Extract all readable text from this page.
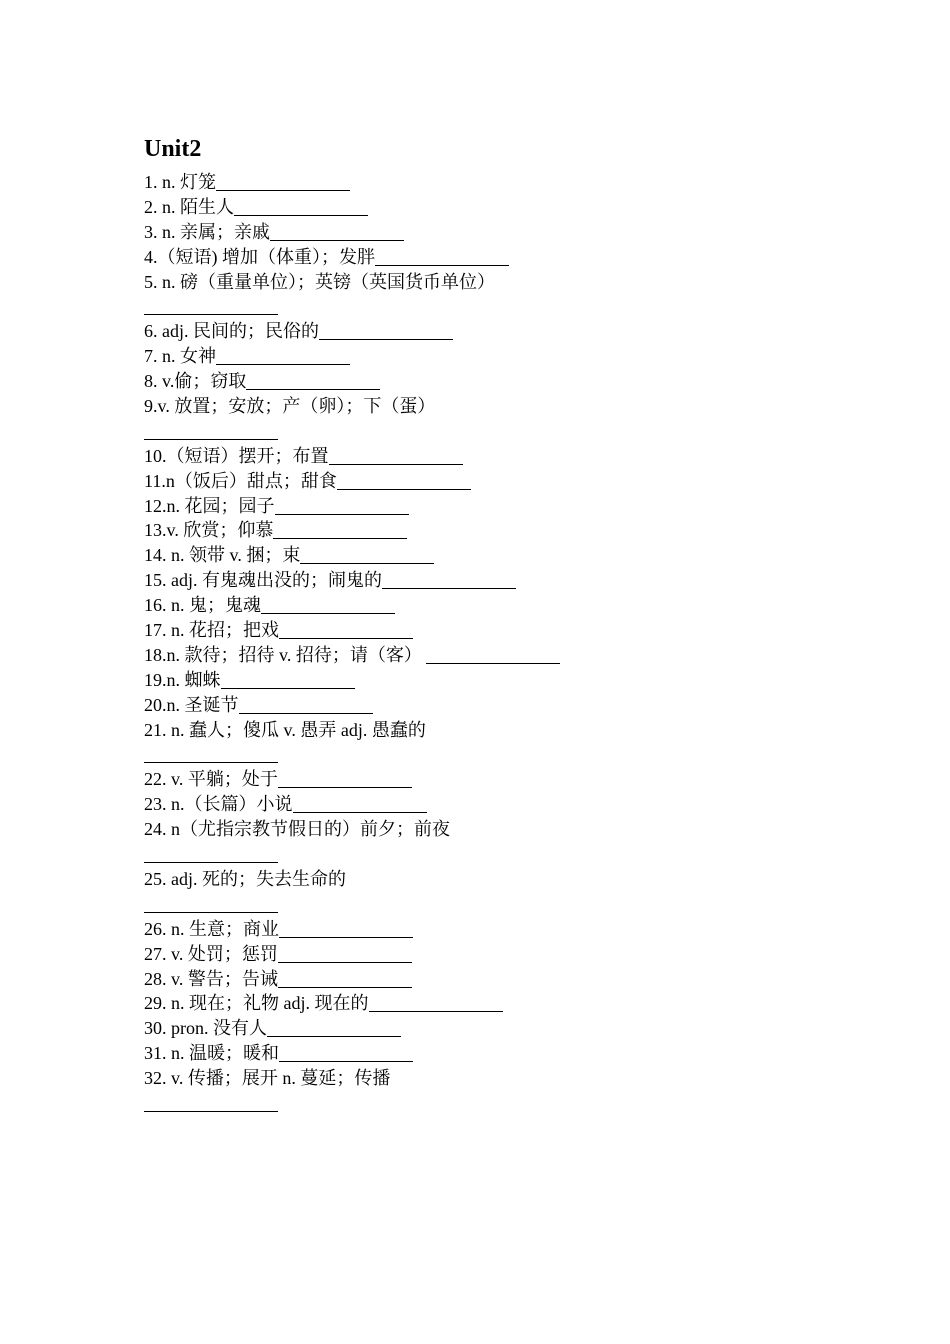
Unit2
1. n. 灯笼
2. n. 陌生人
3. n. 亲属；亲戚
4.（短语) 增加（体重）；发胖
5. n. 磅（重量单位）；英镑（英国货币单位）
6. adj. 民间的；民俗的
7. n. 女神
8. v.偷；窃取
9.v. 放置；安放；产（卵）；下（蛋）
10.（短语）摆开；布置
11.n（饭后）甜点；甜食
12.n. 花园；园子
13.v. 欣赏；仰慕
14. n. 领带 v. 捆；束
15. adj. 有鬼魂出没的；闹鬼的
16. n. 鬼；鬼魂
17. n. 花招；把戏
18.n. 款待；招待 v. 招待；请（客）
19.n. 蜘蛛
20.n. 圣诞节
21. n. 蠢人；傻瓜 v. 愚弄 adj. 愚蠢的
22. v. 平躺；处于
23. n.（长篇）小说
24. n（尤指宗教节假日的）前夕；前夜
25. adj. 死的；失去生命的
26. n. 生意；商业
27. v. 处罚；惩罚
28. v. 警告；告诫
29. n. 现在；礼物 adj. 现在的
30. pron. 没有人
31. n. 温暖；暖和
32. v. 传播；展开 n. 蔓延；传播
